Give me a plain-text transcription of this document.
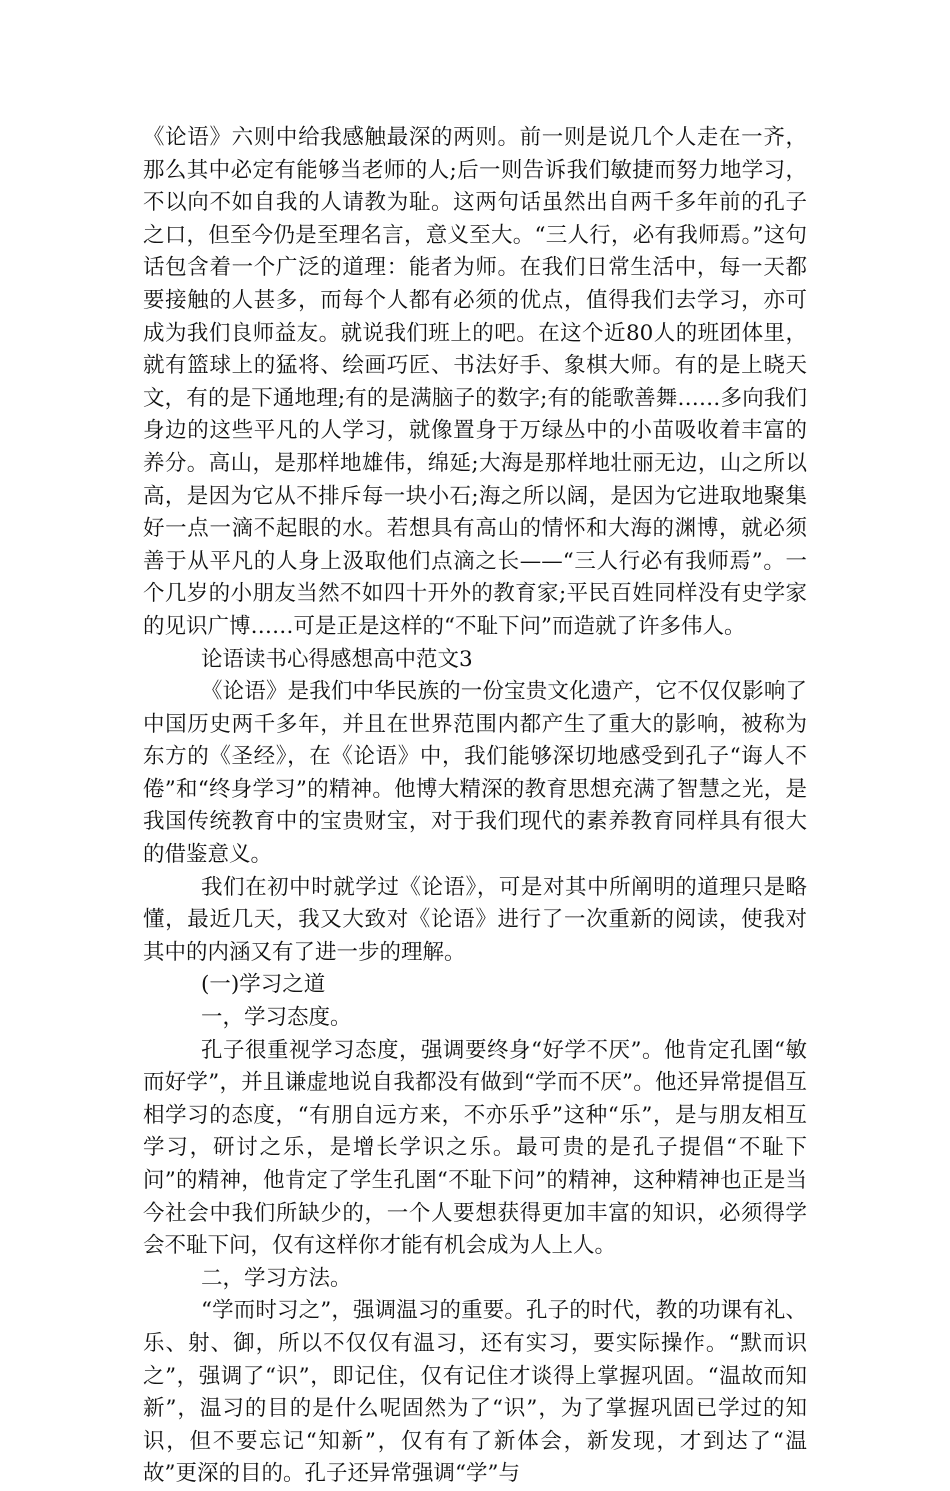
《论语》六则中给我感触最深的两则。前一则是说几个人走在一齐，那么其中必定有能够当老师的人;后一则告诉我们敏捷而努力地学习，不以向不如自我的人请教为耻。这两句话虽然出自两千多年前的孔子之口，但至今仍是至理名言，意义至大。“三人行，必有我师焉。”这句话包含着一个广泛的道理：能者为师。在我们日常生活中，每一天都要接触的人甚多，而每个人都有必须的优点，值得我们去学习，亦可成为我们良师益友。就说我们班上的吧。在这个近80人的班团体里，就有篮球上的猛将、绘画巧匠、书法好手、象棋大师。有的是上晓天文，有的是下通地理;有的是满脑子的数字;有的能歌善舞……多向我们身边的这些平凡的人学习，就像置身于万绿丛中的小苗吸收着丰富的养分。高山，是那样地雄伟，绵延;大海是那样地壮丽无边，山之所以高，是因为它从不排斥每一块小石;海之所以阔，是因为它进取地聚集好一点一滴不起眼的水。若想具有高山的情怀和大海的渊博，就必须善于从平凡的人身上汲取他们点滴之长——“三人行必有我师焉”。一个几岁的小朋友当然不如四十开外的教育家;平民百姓同样没有史学家的见识广博……可是正是这样的“不耻下问”而造就了许多伟人。

论语读书心得感想高中范文3

《论语》是我们中华民族的一份宝贵文化遗产，它不仅仅影响了中国历史两千多年，并且在世界范围内都产生了重大的影响，被称为东方的《圣经》，在《论语》中，我们能够深切地感受到孔子“诲人不倦”和“终身学习”的精神。他博大精深的教育思想充满了智慧之光，是我国传统教育中的宝贵财宝，对于我们现代的素养教育同样具有很大的借鉴意义。

我们在初中时就学过《论语》，可是对其中所阐明的道理只是略懂，最近几天，我又大致对《论语》进行了一次重新的阅读，使我对其中的内涵又有了进一步的理解。

(一)学习之道

一，学习态度。

孔子很重视学习态度，强调要终身“好学不厌”。他肯定孔圉“敏而好学”，并且谦虚地说自我都没有做到“学而不厌”。他还异常提倡互相学习的态度，“有朋自远方来，不亦乐乎”这种“乐”，是与朋友相互学习，研讨之乐，是增长学识之乐。最可贵的是孔子提倡“不耻下问”的精神，他肯定了学生孔圉“不耻下问”的精神，这种精神也正是当今社会中我们所缺少的，一个人要想获得更加丰富的知识，必须得学会不耻下问，仅有这样你才能有机会成为人上人。

二，学习方法。

“学而时习之”，强调温习的重要。孔子的时代，教的功课有礼、乐、射、御，所以不仅仅有温习，还有实习，要实际操作。“默而识之”，强调了“识”，即记住，仅有记住才谈得上掌握巩固。“温故而知新”，温习的目的是什么呢固然为了“识”，为了掌握巩固已学过的知识，但不要忘记“知新”，仅有有了新体会，新发现，才到达了“温故”更深的目的。孔子还异常强调“学”与
